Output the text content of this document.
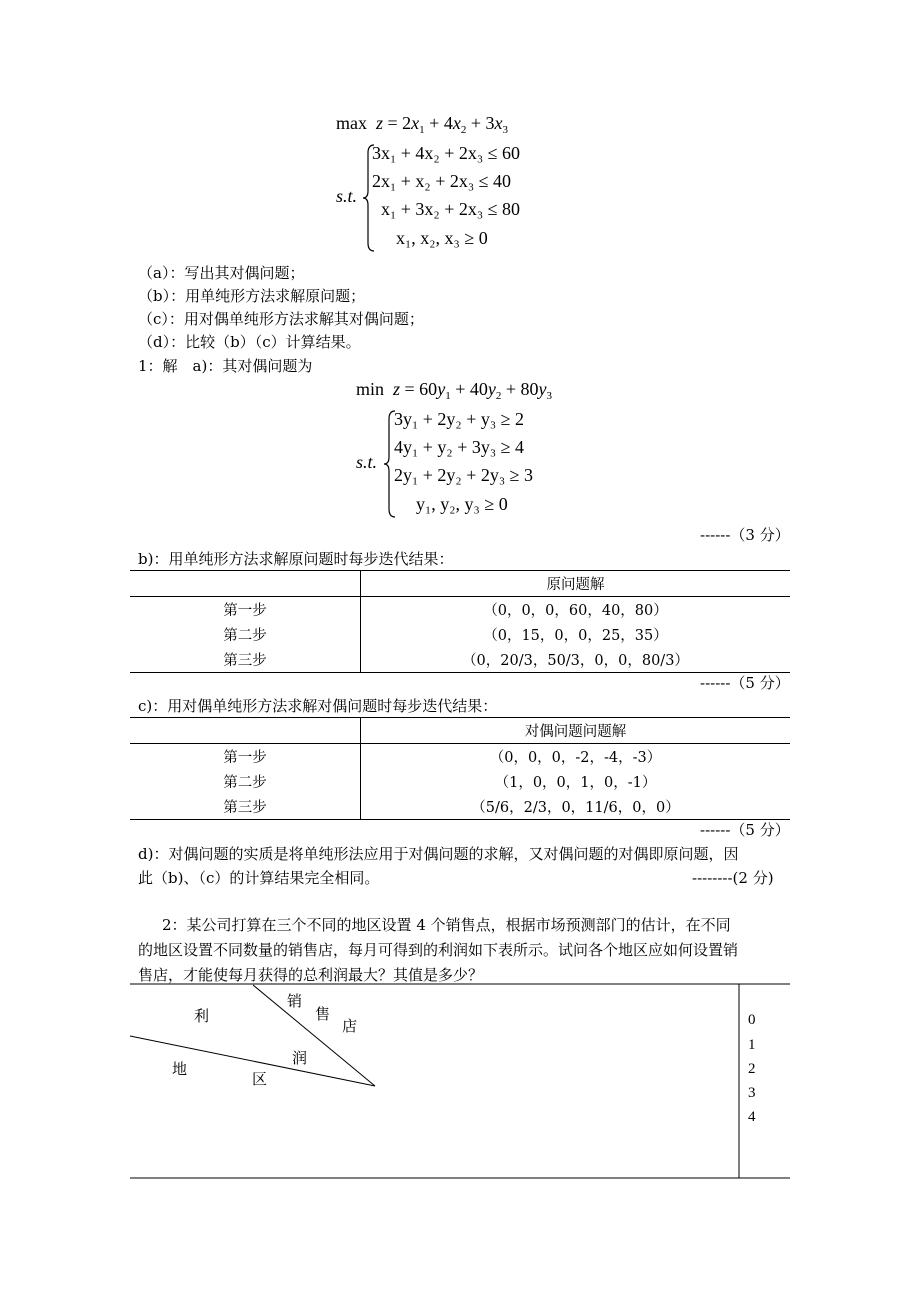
$\max z = 2x_1 + 4x_2 + 3x_3$
s.t.
3x₁ + 4x₂ + 2x₃ ≤ 60
2x₁ + x₂ + 2x₃ ≤ 40
x₁ + 3x₂ + 2x₃ ≤ 80
x₁, x₂, x₃ ≥ 0
（a）：写出其对偶问题；
（b）：用单纯形方法求解原问题；
（c）：用对偶单纯形方法求解其对偶问题；
（d）：比较（b）（c）计算结果。
1：解　a)：其对偶问题为
$\min z = 60y_1 + 40y_2 + 80y_3$
s.t.
3y₁ + 2y₂ + y₃ ≥ 2
4y₁ + y₂ + 3y₃ ≥ 4
2y₁ + 2y₂ + 2y₃ ≥ 3
y₁, y₂, y₃ ≥ 0
------（3 分）
b)：用单纯形方法求解原问题时每步迭代结果：
	原问题解
第一步	（0，0，0，60，40，80）
第二步	（0，15，0，0，25，35）
第三步	（0，20/3，50/3，0，0，80/3）
------（5 分）
c)：用对偶单纯形方法求解对偶问题时每步迭代结果：
	对偶问题问题解
第一步	（0，0，0，-2，-4，-3）
第二步	（1，0，0，1，0，-1）
第三步	（5/6，2/3，0，11/6，0，0）
------（5 分）
d)：对偶问题的实质是将单纯形法应用于对偶问题的求解，又对偶问题的对偶即原问题，因
此（b)、（c）的计算结果完全相同。	--------(2 分)
2：某公司打算在三个不同的地区设置 4 个销售点，根据市场预测部门的估计，在不同
的地区设置不同数量的销售店，每月可得到的利润如下表所示。试问各个地区应如何设置销
售店，才能使每月获得的总利润最大？其值是多少？
利
销
售
店
润
地
区
0
1
2
3
4
